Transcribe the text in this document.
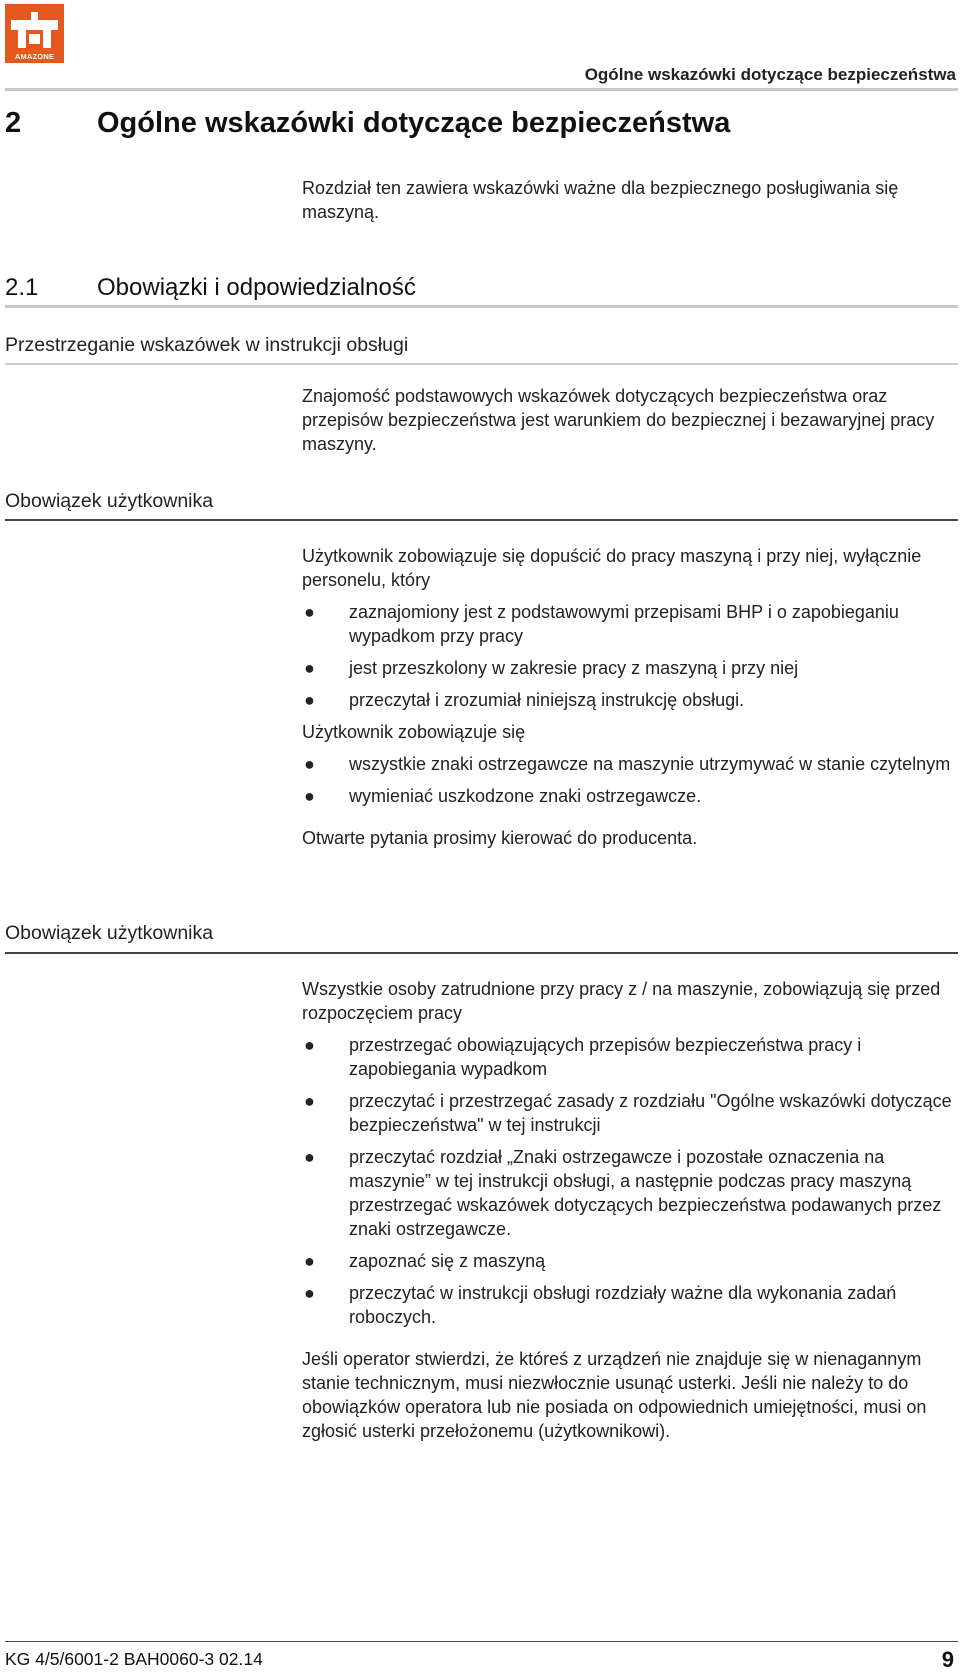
AMAZONE
Ogólne wskazówki dotyczące bezpieczeństwa
2	Ogólne wskazówki dotyczące bezpieczeństwa
Rozdział ten zawiera wskazówki ważne dla bezpiecznego posługiwania się maszyną.
2.1 Obowiązki i odpowiedzialność
Przestrzeganie wskazówek w instrukcji obsługi
Znajomość podstawowych wskazówek dotyczących bezpieczeństwa oraz przepisów bezpieczeństwa jest warunkiem do bezpiecznej i bezawaryjnej pracy maszyny.
Obowiązek użytkownika

Użytkownik zobowiązuje się dopuścić do pracy maszyną i przy niej, wyłącznie personelu, który

● zaznajomiony jest z podstawowymi przepisami BHP i o zapobieganiu wypadkom przy pracy
● jest przeszkolony w zakresie pracy z maszyną i przy niej
● przeczytał i zrozumiał niniejszą instrukcję obsługi.

Użytkownik zobowiązuje się

● wszystkie znaki ostrzegawcze na maszynie utrzymywać w stanie czytelnym
● wymieniać uszkodzone znaki ostrzegawcze.

Otwarte pytania prosimy kierować do producenta.

Obowiązek użytkownika

Wszystkie osoby zatrudnione przy pracy z / na maszynie, zobowiązują się przed rozpoczęciem pracy

● przestrzegać obowiązujących przepisów bezpieczeństwa pracy i zapobiegania wypadkom
● przeczytać i przestrzegać zasady z rozdziału "Ogólne wskazówki dotyczące bezpieczeństwa" w tej instrukcji
● przeczytać rozdział „Znaki ostrzegawcze i pozostałe oznaczenia na maszynie” w tej instrukcji obsługi, a następnie podczas pracy maszyną przestrzegać wskazówek dotyczących bezpieczeństwa podawanych przez znaki ostrzegawcze.
● zapoznać się z maszyną
● przeczytać w instrukcji obsługi rozdziały ważne dla wykonania zadań roboczych.

Jeśli operator stwierdzi, że któreś z urządzeń nie znajduje się w nienagannym stanie technicznym, musi niezwłocznie usunąć usterki. Jeśli nie należy to do obowiązków operatora lub nie posiada on odpowiednich umiejętności, musi on zgłosić usterki przełożonemu (użytkownikowi).

KG 4/5/6001-2 BAH0060-3 02.14	9
